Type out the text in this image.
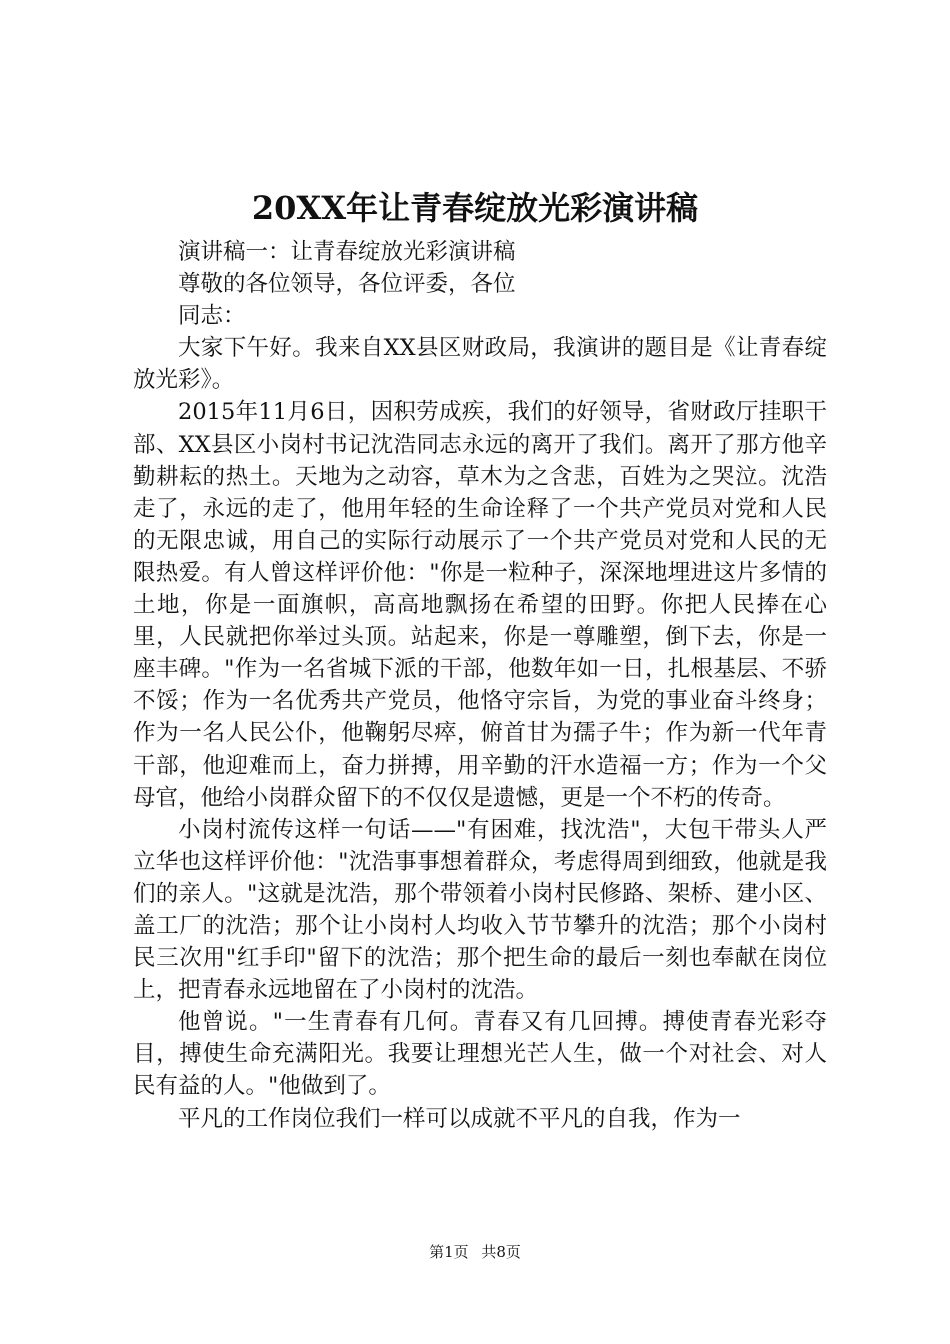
20XX年让青春绽放光彩演讲稿

演讲稿一：让青春绽放光彩演讲稿

尊敬的各位领导，各位评委，各位

同志：

大家下午好。我来自XX县区财政局，我演讲的题目是《让青春绽放光彩》。

2015年11月6日，因积劳成疾，我们的好领导，省财政厅挂职干部、XX县区小岗村书记沈浩同志永远的离开了我们。离开了那方他辛勤耕耘的热土。天地为之动容，草木为之含悲，百姓为之哭泣。沈浩走了，永远的走了，他用年轻的生命诠释了一个共产党员对党和人民的无限忠诚，用自己的实际行动展示了一个共产党员对党和人民的无限热爱。有人曾这样评价他："你是一粒种子，深深地埋进这片多情的土地，你是一面旗帜，高高地飘扬在希望的田野。你把人民捧在心里，人民就把你举过头顶。站起来，你是一尊雕塑，倒下去，你是一座丰碑。"作为一名省城下派的干部，他数年如一日，扎根基层、不骄不馁；作为一名优秀共产党员，他恪守宗旨，为党的事业奋斗终身；作为一名人民公仆，他鞠躬尽瘁，俯首甘为孺子牛；作为新一代年青干部，他迎难而上，奋力拼搏，用辛勤的汗水造福一方；作为一个父母官，他给小岗群众留下的不仅仅是遗憾，更是一个不朽的传奇。

小岗村流传这样一句话——"有困难，找沈浩"，大包干带头人严立华也这样评价他："沈浩事事想着群众，考虑得周到细致，他就是我们的亲人。"这就是沈浩，那个带领着小岗村民修路、架桥、建小区、盖工厂的沈浩；那个让小岗村人均收入节节攀升的沈浩；那个小岗村民三次用"红手印"留下的沈浩；那个把生命的最后一刻也奉献在岗位上，把青春永远地留在了小岗村的沈浩。

他曾说。"一生青春有几何。青春又有几回搏。搏使青春光彩夺目，搏使生命充满阳光。我要让理想光芒人生，做一个对社会、对人民有益的人。"他做到了。

平凡的工作岗位我们一样可以成就不平凡的自我，作为一

第1页 共8页
